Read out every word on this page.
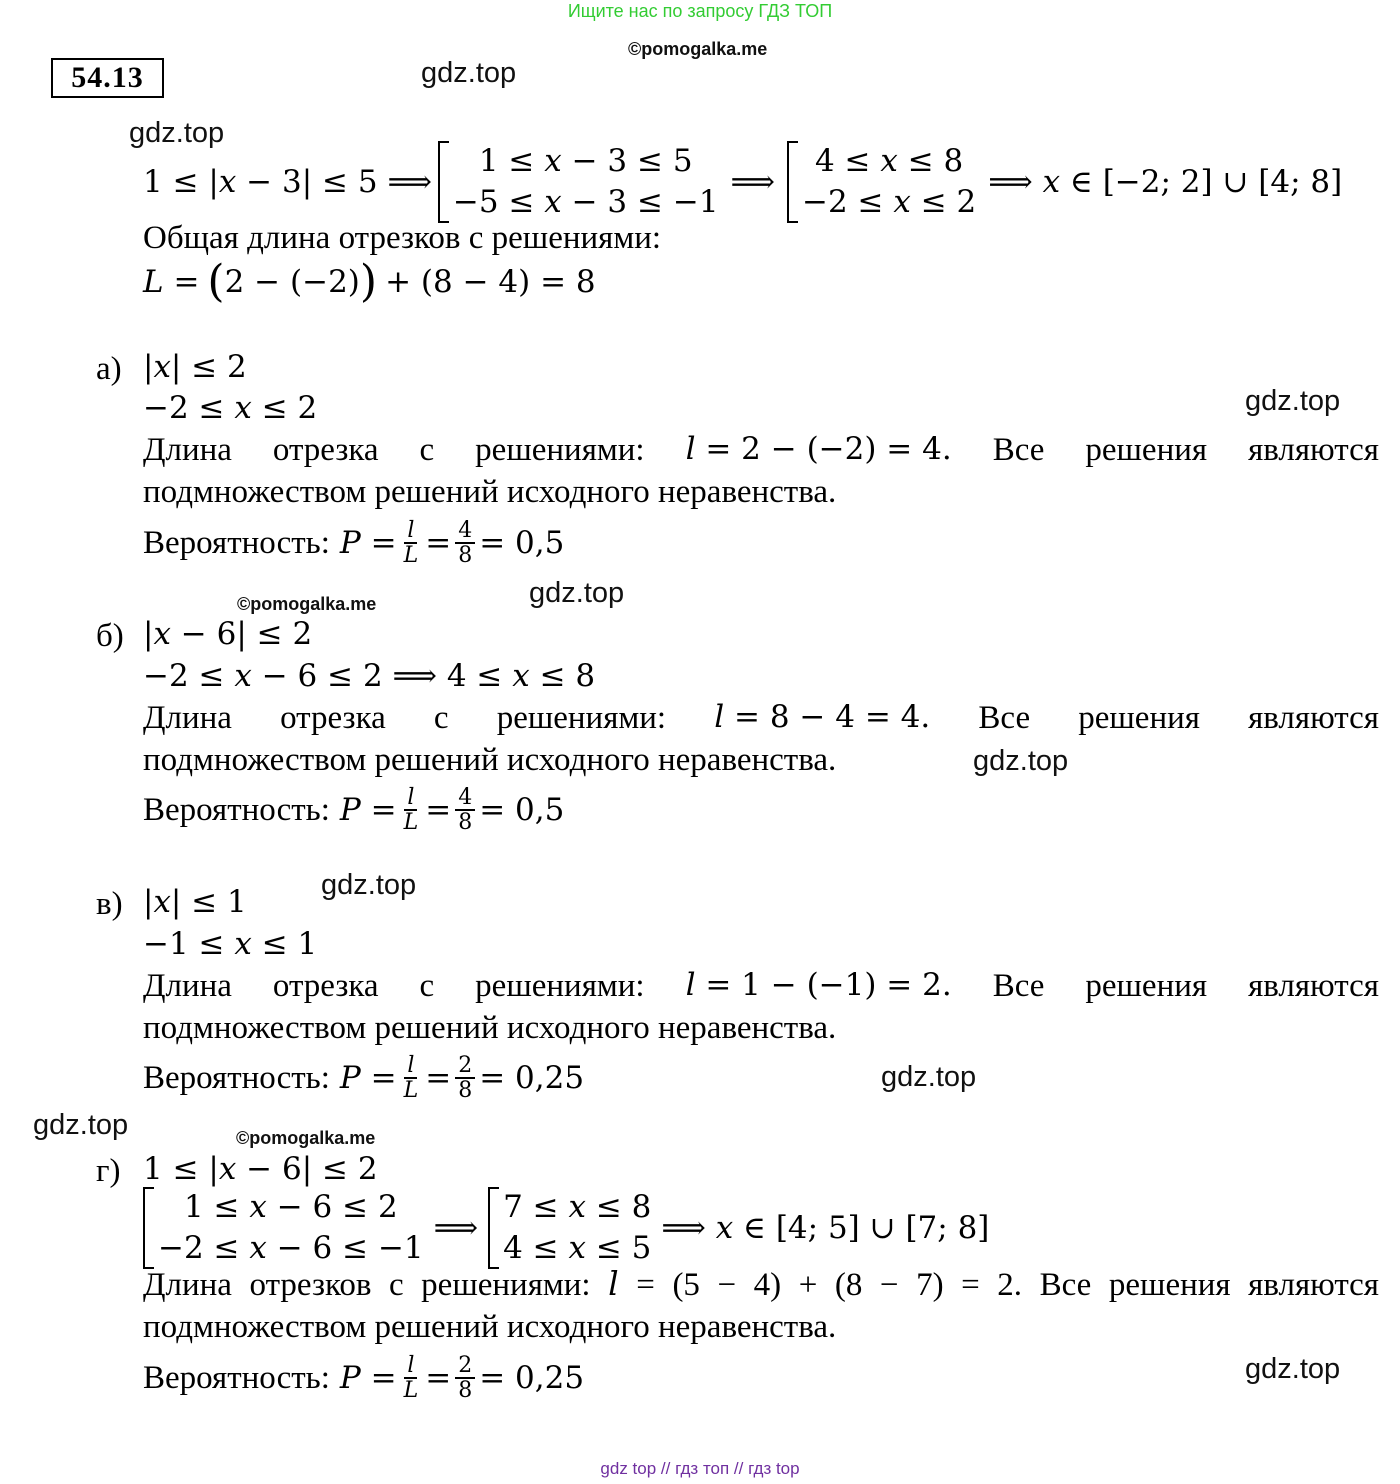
Ищите нас по запросу ГДЗ ТОП
©pomogalka.me
54.13	gdz.top
gdz.top
gdz.top
gdz.top
gdz.top
gdz.top
gdz.top
gdz.top
gdz.top
©pomogalka.me
©pomogalka.me
1 ≤ |𝑥 − 3| ≤ 5 ⟹
1 ≤ 𝑥 − 3 ≤ 5
−5 ≤ 𝑥 − 3 ≤ −1
⟹
4 ≤ 𝑥 ≤ 8
−2 ≤ 𝑥 ≤ 2
⟹ 𝑥 ∈ [−2; 2] ∪ [4; 8]
Общая длина отрезков с решениями:
𝐿 = ( 2 − (−2) ) + (8 − 4) = 8
а) |𝑥| ≤ 2
−2 ≤ 𝑥 ≤ 2
Длина отрезка с решениями: 𝑙 = 2 − (−2) = 4. Все решения являются
подмножеством решений исходного неравенства.
Вероятность: 𝑃 = $\frac{\text{𝑙}}{\text{𝐿}} = \frac{4}{8} = 0,5$
б) |𝑥 − 6| ≤ 2
−2 ≤ 𝑥 − 6 ≤ 2 ⟹ 4 ≤ 𝑥 ≤ 8
Длина отрезка с решениями: 𝑙 = 8 − 4 = 4. Все решения являются
подмножеством решений исходного неравенства.
Вероятность: 𝑃 = $\frac{\text{𝑙}}{\text{𝐿}} = \frac{4}{8} = 0,5$
в) |𝑥| ≤ 1
−1 ≤ 𝑥 ≤ 1
Длина отрезка с решениями: 𝑙 = 1 − (−1) = 2. Все решения являются
подмножеством решений исходного неравенства.
Вероятность: 𝑃 = $\frac{\text{𝑙}}{\text{𝐿}} = \frac{2}{8} = 0,25$
г) 1 ≤ |𝑥 − 6| ≤ 2
1 ≤ 𝑥 − 6 ≤ 2
−2 ≤ 𝑥 − 6 ≤ −1
⟹
7 ≤ 𝑥 ≤ 8
4 ≤ 𝑥 ≤ 5
⟹ 𝑥 ∈ [4; 5] ∪ [7; 8]
Длина отрезков с решениями: 𝑙 = (5 − 4) + (8 − 7) = 2. Все решения являются
подмножеством решений исходного неравенства.
Вероятность: 𝑃 = $\frac{\text{𝑙}}{\text{𝐿}} = \frac{2}{8} = 0,25$
gdz top // гдз топ // гдз top
